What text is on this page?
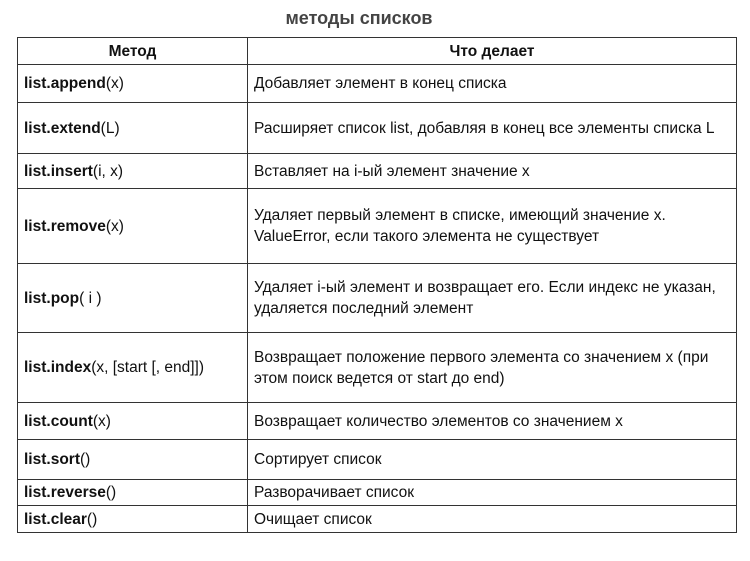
методы списков
Метод	Что делает
list.append(x)	Добавляет элемент в конец списка
list.extend(L)	Расширяет список list, добавляя в конец все элементы списка L
list.insert(i, x)	Вставляет на i-ый элемент значение x
list.remove(x)	Удаляет первый элемент в списке, имеющий значение x. ValueError, если такого элемента не существует
list.pop( i )	Удаляет i-ый элемент и возвращает его. Если индекс не указан, удаляется последний элемент
list.index(x, [start [, end]])	Возвращает положение первого элемента со значением x (при этом поиск ведется от start до end)
list.count(x)	Возвращает количество элементов со значением x
list.sort()	Сортирует список
list.reverse()	Разворачивает список
list.clear()	Очищает список
